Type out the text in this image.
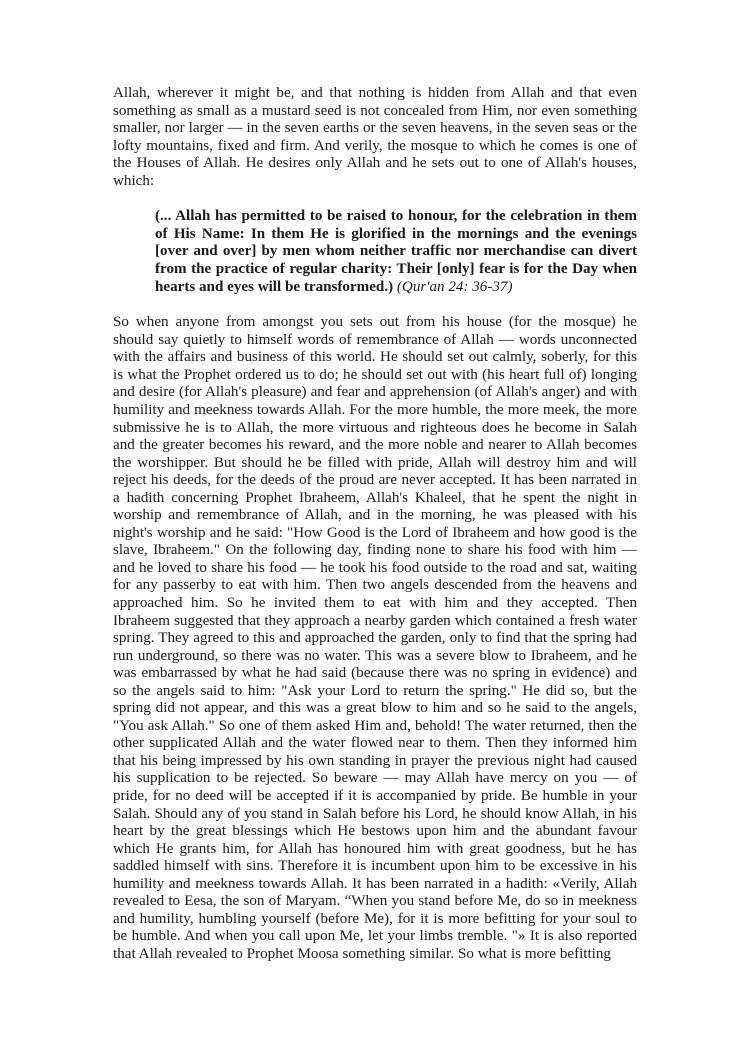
Allah, wherever it might be, and that nothing is hidden from Allah and that even something as small as a mustard seed is not concealed from Him, nor even something smaller, nor larger — in the seven earths or the seven heavens, in the seven seas or the lofty mountains, fixed and firm. And verily, the mosque to which he comes is one of the Houses of Allah. He desires only Allah and he sets out to one of Allah's houses, which:

(... Allah has permitted to be raised to honour, for the celebration in them of His Name: In them He is glorified in the mornings and the evenings [over and over] by men whom neither traffic nor merchandise can divert from the practice of regular charity: Their [only] fear is for the Day when hearts and eyes will be transformed.) (Qur'an 24: 36-37)

So when anyone from amongst you sets out from his house (for the mosque) he should say quietly to himself words of remembrance of Allah — words unconnected with the affairs and business of this world. He should set out calmly, soberly, for this is what the Prophet ordered us to do; he should set out with (his heart full of) longing and desire (for Allah's pleasure) and fear and apprehension (of Allah's anger) and with humility and meekness towards Allah. For the more humble, the more meek, the more submissive he is to Allah, the more virtuous and righteous does he become in Salah and the greater becomes his reward, and the more noble and nearer to Allah becomes the worshipper. But should he be filled with pride, Allah will destroy him and will reject his deeds, for the deeds of the proud are never accepted. It has been narrated in a hadith concerning Prophet Ibraheem, Allah's Khaleel, that he spent the night in worship and remembrance of Allah, and in the morning, he was pleased with his night's worship and he said: "How Good is the Lord of Ibraheem and how good is the slave, Ibraheem." On the following day, finding none to share his food with him — and he loved to share his food — he took his food outside to the road and sat, waiting for any passerby to eat with him. Then two angels descended from the heavens and approached him. So he invited them to eat with him and they accepted. Then Ibraheem suggested that they approach a nearby garden which contained a fresh water spring. They agreed to this and approached the garden, only to find that the spring had run underground, so there was no water. This was a severe blow to Ibraheem, and he was embarrassed by what he had said (because there was no spring in evidence) and so the angels said to him: "Ask your Lord to return the spring." He did so, but the spring did not appear, and this was a great blow to him and so he said to the angels, "You ask Allah." So one of them asked Him and, behold! The water returned, then the other supplicated Allah and the water flowed near to them. Then they informed him that his being impressed by his own standing in prayer the previous night had caused his supplication to be rejected. So beware — may Allah have mercy on you — of pride, for no deed will be accepted if it is accompanied by pride. Be humble in your Salah. Should any of you stand in Salah before his Lord, he should know Allah, in his heart by the great blessings which He bestows upon him and the abundant favour which He grants him, for Allah has honoured him with great goodness, but he has saddled himself with sins. Therefore it is incumbent upon him to be excessive in his humility and meekness towards Allah. It has been narrated in a hadith: «Verily, Allah revealed to Eesa, the son of Maryam. “When you stand before Me, do so in meekness and humility, humbling yourself (before Me), for it is more befitting for your soul to be humble. And when you call upon Me, let your limbs tremble. "» It is also reported that Allah revealed to Prophet Moosa something similar. So what is more befitting
